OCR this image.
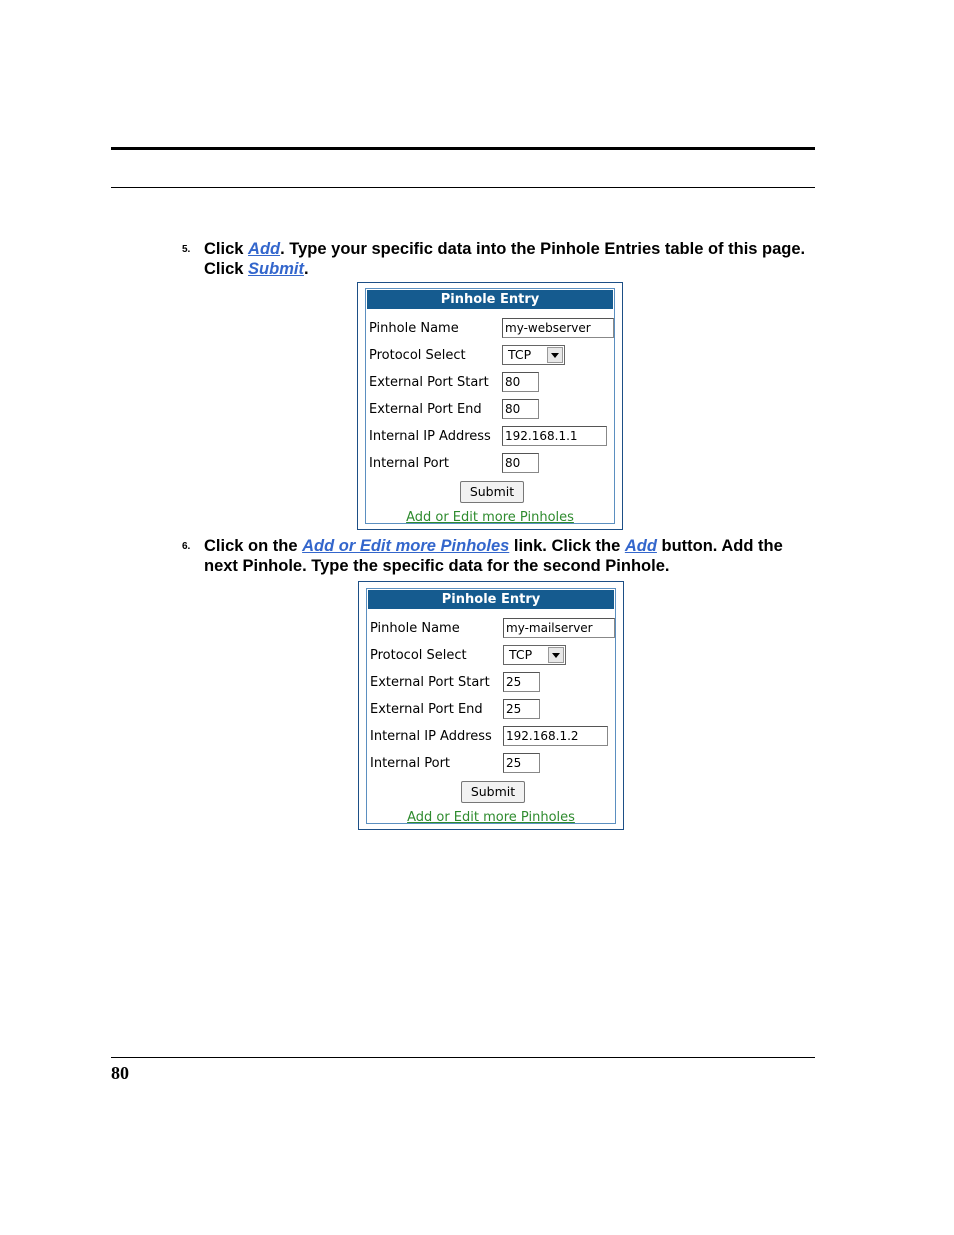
5. Click Add. Type your specific data into the Pinhole Entries table of this page. Click Submit.
Pinhole Entry
Pinhole Name	my-webserver
Protocol Select	TCP
External Port Start 80
External Port End 80
Internal IP Address 192.168.1.1
Internal Port	80
Submit
Add or Edit more Pinholes
6. Click on the Add or Edit more Pinholes link. Click the Add button. Add the next Pinhole. Type the specific data for the second Pinhole.
Pinhole Entry
Pinhole Name	my-mailserver
Protocol Select	TCP
External Port Start 25
External Port End 25
Internal IP Address 192.168.1.2
Internal Port	25
Submit
Add or Edit more Pinholes
80
